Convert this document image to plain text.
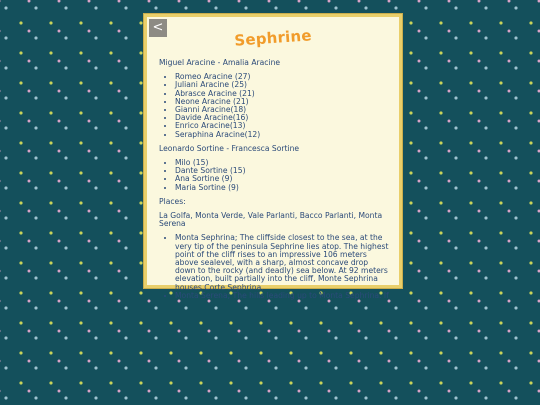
<	Sephrine

Miguel Aracine - Amalia Aracine

• Romeo Aracine (27)
• Juliani Aracine (25)
• Abrasce Aracine (21)
• Neone Aracine (21)
• Gianni Aracine(18)
• Davide Aracine(16)
• Enrico Aracine(13)
• Seraphina Aracine(12)

Leonardo Sortine - Francesca Sortine

• Milo (15)
• Dante Sortine (15)
• Ana Sortine (9)
• Maria Sortine (9)

Places:

La Golfa, Monta Verde, Vale Parlanti, Bacco Parlanti, Monta Serena

• Monta Sephrina; The cliffside closest to the sea, at the very tip of the peninsula Sephrine lies atop. The highest point of the cliff rises to an impressive 106 meters above sealevel, with a sharp, almost concave drop down to the rocky (and deadly) sea below. At 92 meters elevation, built partially into the cliff, Monte Sephrina houses Corte Sephrina.
• Monta Serena; The hills leading up to Monta Sephrina. If
